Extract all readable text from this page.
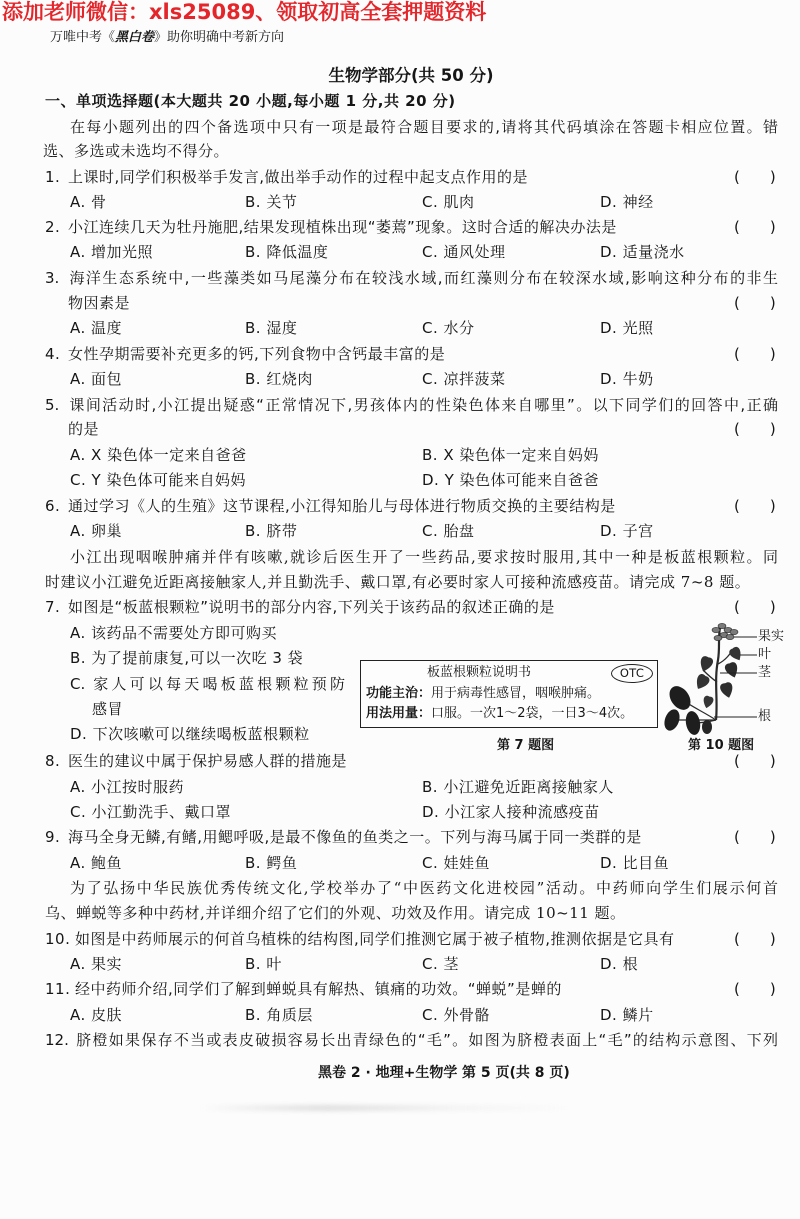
添加老师微信：xls25089、领取初高全套押题资料
万唯中考《黑白卷》助你明确中考新方向
生物学部分(共 50 分)
一、单项选择题(本大题共 20 小题,每小题 1 分,共 20 分)
在每小题列出的四个备选项中只有一项是最符合题目要求的,请将其代码填涂在答题卡相应位置。错
选、多选或未选均不得分。
1. 上课时,同学们积极举手发言,做出举手动作的过程中起支点作用的是	(　　)
A. 骨	B. 关节	C. 肌肉	D. 神经
2. 小江连续几天为牡丹施肥,结果发现植株出现“萎蔫”现象。这时合适的解决办法是	(　　)
A. 增加光照	B. 降低温度	C. 通风处理	D. 适量浇水
3. 海洋生态系统中,一些藻类如马尾藻分布在较浅水域,而红藻则分布在较深水域,影响这种分布的非生
物因素是	(　　)
A. 温度	B. 湿度	C. 水分	D. 光照
4. 女性孕期需要补充更多的钙,下列食物中含钙最丰富的是	(　　)
A. 面包	B. 红烧肉	C. 凉拌菠菜	D. 牛奶
5. 课间活动时,小江提出疑惑“正常情况下,男孩体内的性染色体来自哪里”。以下同学们的回答中,正确
的是	(　　)
A. X 染色体一定来自爸爸	B. X 染色体一定来自妈妈
C. Y 染色体可能来自妈妈	D. Y 染色体可能来自爸爸
6. 通过学习《人的生殖》这节课程,小江得知胎儿与母体进行物质交换的主要结构是	(　　)
A. 卵巢	B. 脐带	C. 胎盘	D. 子宫
小江出现咽喉肿痛并伴有咳嗽,就诊后医生开了一些药品,要求按时服用,其中一种是板蓝根颗粒。同
时建议小江避免近距离接触家人,并且勤洗手、戴口罩,有必要时家人可接种流感疫苗。请完成 7~8 题。
7. 如图是“板蓝根颗粒”说明书的部分内容,下列关于该药品的叙述正确的是	(　　)
A. 该药品不需要处方即可购买
B. 为了提前康复,可以一次吃 3 袋
C. 家人可以每天喝板蓝根颗粒预防
感冒
D. 下次咳嗽可以继续喝板蓝根颗粒
板蓝根颗粒说明书	OTC
功能主治：用于病毒性感冒，咽喉肿痛。
用法用量：口服。一次1～2袋，一日3～4次。
第 7 题图
果实
叶
茎
根
第 10 题图
8. 医生的建议中属于保护易感人群的措施是	(　　)
A. 小江按时服药	B. 小江避免近距离接触家人
C. 小江勤洗手、戴口罩	D. 小江家人接种流感疫苗
9. 海马全身无鳞,有鳍,用鳃呼吸,是最不像鱼的鱼类之一。下列与海马属于同一类群的是	(　　)
A. 鲍鱼	B. 鳄鱼	C. 娃娃鱼	D. 比目鱼
为了弘扬中华民族优秀传统文化,学校举办了“中医药文化进校园”活动。中药师向学生们展示何首
乌、蝉蜕等多种中药材,并详细介绍了它们的外观、功效及作用。请完成 10~11 题。
10. 如图是中药师展示的何首乌植株的结构图,同学们推测它属于被子植物,推测依据是它具有	(　　)
A. 果实	B. 叶	C. 茎	D. 根
11. 经中药师介绍,同学们了解到蝉蜕具有解热、镇痛的功效。“蝉蜕”是蝉的	(　　)
A. 皮肤	B. 角质层	C. 外骨骼	D. 鳞片
12. 脐橙如果保存不当或表皮破损容易长出青绿色的“毛”。如图为脐橙表面上“毛”的结构示意图、下列
黑卷 2 · 地理+生物学 第 5 页(共 8 页)
